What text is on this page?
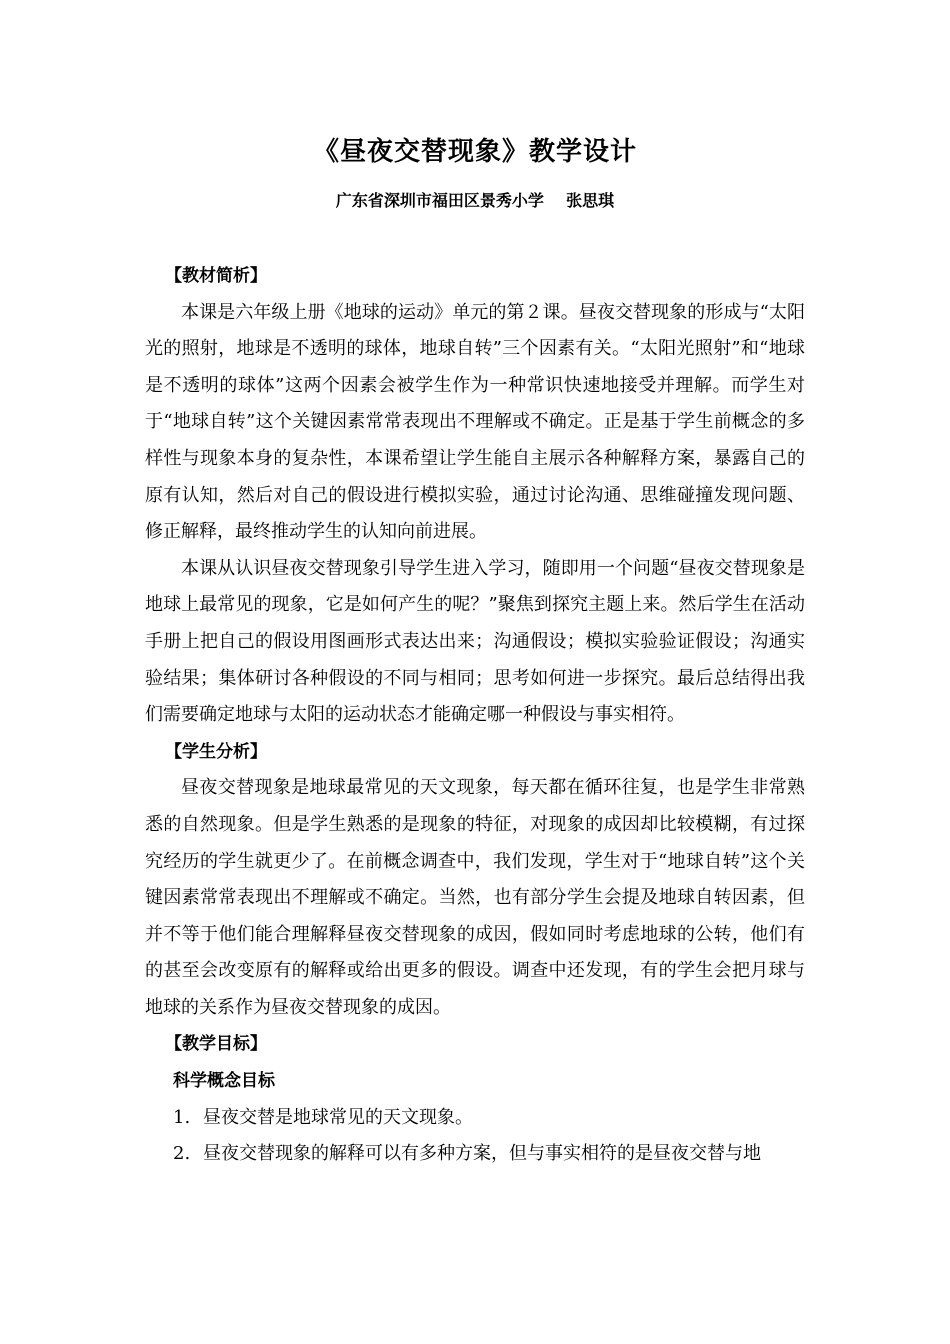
《昼夜交替现象》教学设计
广东省深圳市福田区景秀小学    张思琪

【教材简析】

本课是六年级上册《地球的运动》单元的第２课。昼夜交替现象的形成与“太阳光的照射，地球是不透明的球体，地球自转”三个因素有关。“太阳光照射”和“地球是不透明的球体”这两个因素会被学生作为一种常识快速地接受并理解。而学生对于“地球自转”这个关键因素常常表现出不理解或不确定。正是基于学生前概念的多样性与现象本身的复杂性，本课希望让学生能自主展示各种解释方案，暴露自己的原有认知，然后对自己的假设进行模拟实验，通过讨论沟通、思维碰撞发现问题、修正解释，最终推动学生的认知向前进展。

本课从认识昼夜交替现象引导学生进入学习，随即用一个问题“昼夜交替现象是地球上最常见的现象，它是如何产生的呢？”聚焦到探究主题上来。然后学生在活动手册上把自己的假设用图画形式表达出来；沟通假设；模拟实验验证假设；沟通实验结果；集体研讨各种假设的不同与相同；思考如何进一步探究。最后总结得出我们需要确定地球与太阳的运动状态才能确定哪一种假设与事实相符。

【学生分析】

昼夜交替现象是地球最常见的天文现象，每天都在循环往复，也是学生非常熟悉的自然现象。但是学生熟悉的是现象的特征，对现象的成因却比较模糊，有过探究经历的学生就更少了。在前概念调查中，我们发现，学生对于“地球自转”这个关键因素常常表现出不理解或不确定。当然，也有部分学生会提及地球自转因素，但并不等于他们能合理解释昼夜交替现象的成因，假如同时考虑地球的公转，他们有的甚至会改变原有的解释或给出更多的假设。调查中还发现，有的学生会把月球与地球的关系作为昼夜交替现象的成因。

【教学目标】

科学概念目标

1. 昼夜交替是地球常见的天文现象。
2. 昼夜交替现象的解释可以有多种方案，但与事实相符的是昼夜交替与地
